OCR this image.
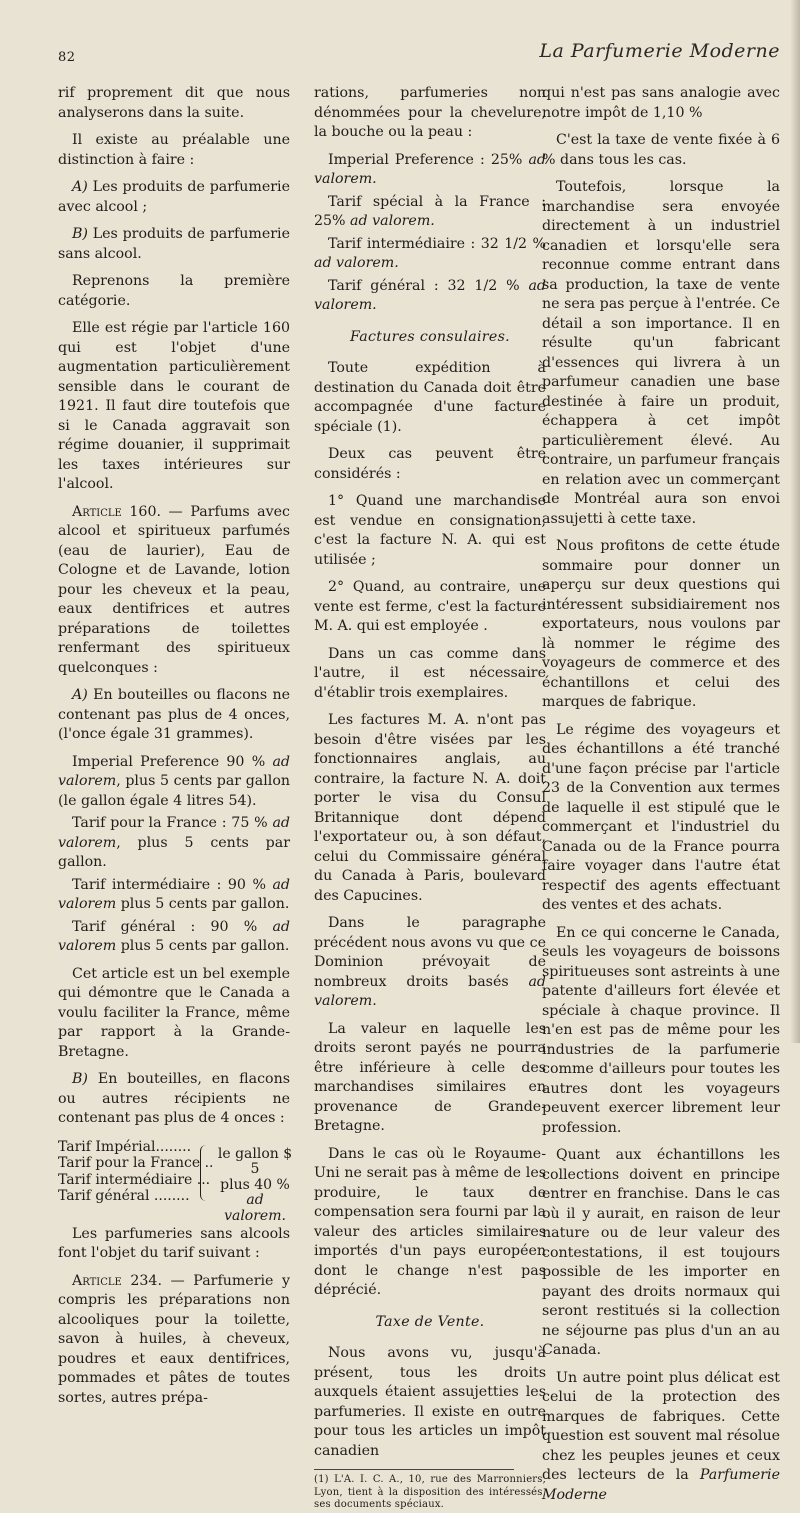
82	La Parfumerie Moderne

rif proprement dit que nous analyserons dans la suite.

Il existe au préalable une distinction à faire :

A) Les produits de parfumerie avec alcool ;

B) Les produits de parfumerie sans alcool.

Reprenons la première catégorie.

Elle est régie par l'article 160 qui est l'objet d'une augmentation particulièrement sensible dans le courant de 1921. Il faut dire toutefois que si le Canada aggravait son régime douanier, il supprimait les taxes intérieures sur l'alcool.

Article 160. — Parfums avec alcool et spiritueux parfumés (eau de laurier), Eau de Cologne et de Lavande, lotion pour les cheveux et la peau, eaux dentifrices et autres préparations de toilettes renfermant des spiritueux quelconques :

A) En bouteilles ou flacons ne contenant pas plus de 4 onces, (l'once égale 31 grammes).

Imperial Preference 90 % ad valorem, plus 5 cents par gallon (le gallon égale 4 litres 54).

Tarif pour la France : 75 % ad valorem, plus 5 cents par gallon.

Tarif intermédiaire : 90 % ad valorem plus 5 cents par gallon.

Tarif général : 90 % ad valorem plus 5 cents par gallon.

Cet article est un bel exemple qui démontre que le Canada a voulu faciliter la France, même par rapport à la Grande-Bretagne.

B) En bouteilles, en flacons ou autres récipients ne contenant pas plus de 4 onces :

Tarif Impérial........
Tarif pour la France ..
Tarif intermédiaire ...
Tarif général ........
le gallon $ 5
plus 40 %
ad valorem.

Les parfumeries sans alcools font l'objet du tarif suivant :

Article 234. — Parfumerie y compris les préparations non alcooliques pour la toilette, savon à huiles, à cheveux, poudres et eaux dentifrices, pommades et pâtes de toutes sortes, autres prépa-

rations, parfumeries non dénommées pour la chevelure, la bouche ou la peau :

Imperial Preference : 25% ad valorem.

Tarif spécial à la France : 25% ad valorem.

Tarif intermédiaire : 32 1/2 % ad valorem.

Tarif général : 32 1/2 % ad valorem.

Factures consulaires.

Toute expédition à destination du Canada doit être accompagnée d'une facture spéciale (1).

Deux cas peuvent être considérés :

1° Quand une marchandise est vendue en consignation, c'est la facture N. A. qui est utilisée ;

2° Quand, au contraire, une vente est ferme, c'est la facture M. A. qui est employée .

Dans un cas comme dans l'autre, il est nécessaire d'établir trois exemplaires.

Les factures M. A. n'ont pas besoin d'être visées par les fonctionnaires anglais, au contraire, la facture N. A. doit porter le visa du Consul Britannique dont dépend l'exportateur ou, à son défaut, celui du Commissaire général du Canada à Paris, boulevard des Capucines.

Dans le paragraphe précédent nous avons vu que ce Dominion prévoyait de nombreux droits basés ad valorem.

La valeur en laquelle les droits seront payés ne pourra être inférieure à celle des marchandises similaires en provenance de Grande-Bretagne.

Dans le cas où le Royaume-Uni ne serait pas à même de les produire, le taux de compensation sera fourni par la valeur des articles similaires importés d'un pays européen dont le change n'est pas déprécié.

Taxe de Vente.

Nous avons vu, jusqu'à présent, tous les droits auxquels étaient assujetties les parfumeries. Il existe en outre pour tous les articles un impôt canadien

(1) L'A. I. C. A., 10, rue des Marronniers, Lyon, tient à la disposition des intéressés, ses documents spéciaux.

qui n'est pas sans analogie avec notre impôt de 1,10 %

C'est la taxe de vente fixée à 6 % dans tous les cas.

Toutefois, lorsque la marchandise sera envoyée directement à un industriel canadien et lorsqu'elle sera reconnue comme entrant dans sa production, la taxe de vente ne sera pas perçue à l'entrée. Ce détail a son importance. Il en résulte qu'un fabricant d'essences qui livrera à un parfumeur canadien une base destinée à faire un produit, échappera à cet impôt particulièrement élevé. Au contraire, un parfumeur français en relation avec un commerçant de Montréal aura son envoi assujetti à cette taxe.

Nous profitons de cette étude sommaire pour donner un aperçu sur deux questions qui intéressent subsidiairement nos exportateurs, nous voulons par là nommer le régime des voyageurs de commerce et des échantillons et celui des marques de fabrique.

Le régime des voyageurs et des échantillons a été tranché d'une façon précise par l'article 23 de la Convention aux termes de laquelle il est stipulé que le commerçant et l'industriel du Canada ou de la France pourra faire voyager dans l'autre état respectif des agents effectuant des ventes et des achats.

En ce qui concerne le Canada, seuls les voyageurs de boissons spiritueuses sont astreints à une patente d'ailleurs fort élevée et spéciale à chaque province. Il n'en est pas de même pour les industries de la parfumerie comme d'ailleurs pour toutes les autres dont les voyageurs peuvent exercer librement leur profession.

Quant aux échantillons les collections doivent en principe entrer en franchise. Dans le cas où il y aurait, en raison de leur nature ou de leur valeur des contestations, il est toujours possible de les importer en payant des droits normaux qui seront restitués si la collection ne séjourne pas plus d'un an au Canada.

Un autre point plus délicat est celui de la protection des marques de fabriques. Cette question est souvent mal résolue chez les peuples jeunes et ceux des lecteurs de la Parfumerie Moderne
